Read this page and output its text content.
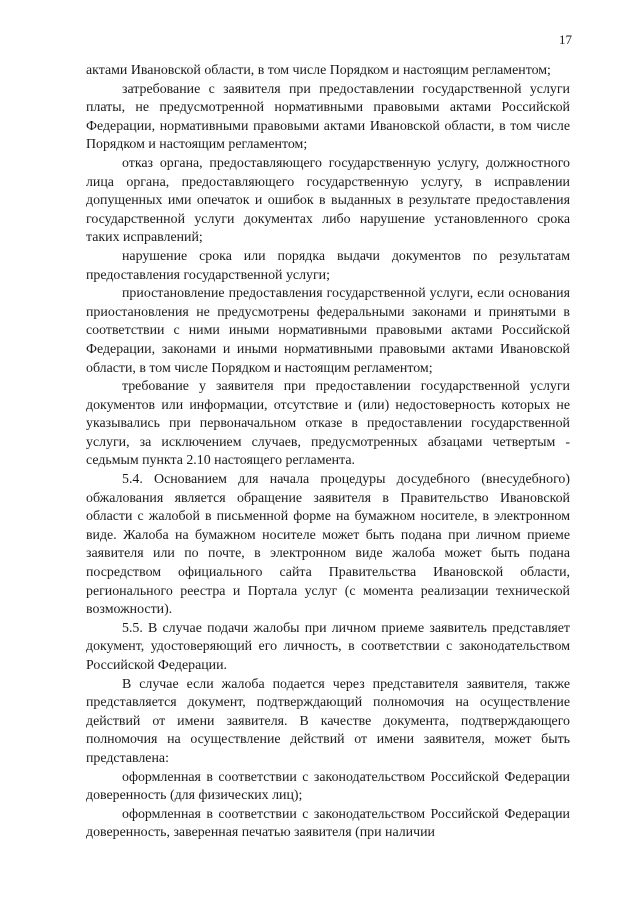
17

актами Ивановской области, в том числе Порядком и настоящим регламентом;

затребование с заявителя при предоставлении государственной услуги платы, не предусмотренной нормативными правовыми актами Российской Федерации, нормативными правовыми актами Ивановской области, в том числе Порядком и настоящим регламентом;

отказ органа, предоставляющего государственную услугу, должностного лица органа, предоставляющего государственную услугу, в исправлении допущенных ими опечаток и ошибок в выданных в результате предоставления государственной услуги документах либо нарушение установленного срока таких исправлений;

нарушение срока или порядка выдачи документов по результатам предоставления государственной услуги;

приостановление предоставления государственной услуги, если основания приостановления не предусмотрены федеральными законами и принятыми в соответствии с ними иными нормативными правовыми актами Российской Федерации, законами и иными нормативными правовыми актами Ивановской области, в том числе Порядком и настоящим регламентом;

требование у заявителя при предоставлении государственной услуги документов или информации, отсутствие и (или) недостоверность которых не указывались при первоначальном отказе в предоставлении государственной услуги, за исключением случаев, предусмотренных абзацами четвертым - седьмым пункта 2.10 настоящего регламента.

5.4. Основанием для начала процедуры досудебного (внесудебного) обжалования является обращение заявителя в Правительство Ивановской области с жалобой в письменной форме на бумажном носителе, в электронном виде. Жалоба на бумажном носителе может быть подана при личном приеме заявителя или по почте, в электронном виде жалоба может быть подана посредством официального сайта Правительства Ивановской области, регионального реестра и Портала услуг (с момента реализации технической возможности).

5.5. В случае подачи жалобы при личном приеме заявитель представляет документ, удостоверяющий его личность, в соответствии с законодательством Российской Федерации.

В случае если жалоба подается через представителя заявителя, также представляется документ, подтверждающий полномочия на осуществление действий от имени заявителя. В качестве документа, подтверждающего полномочия на осуществление действий от имени заявителя, может быть представлена:

оформленная в соответствии с законодательством Российской Федерации доверенность (для физических лиц);

оформленная в соответствии с законодательством Российской Федерации доверенность, заверенная печатью заявителя (при наличии
